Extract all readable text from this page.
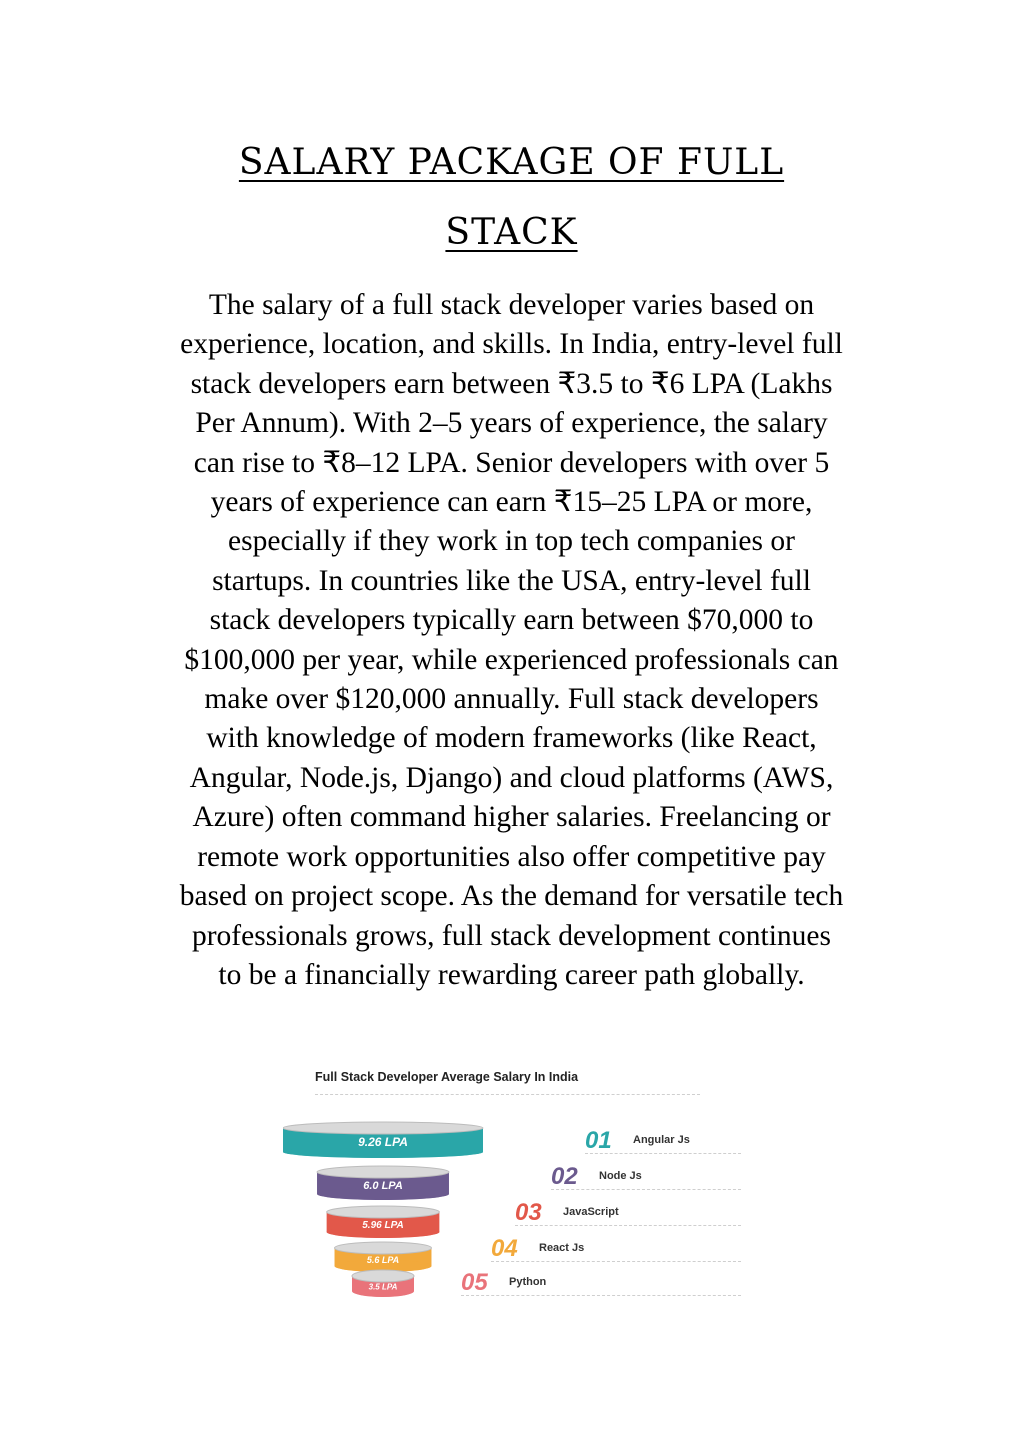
SALARY PACKAGE OF FULL
STACK
The salary of a full stack developer varies based on
experience, location, and skills. In India, entry-level full
stack developers earn between ₹3.5 to ₹6 LPA (Lakhs
Per Annum). With 2–5 years of experience, the salary
can rise to ₹8–12 LPA. Senior developers with over 5
years of experience can earn ₹15–25 LPA or more,
especially if they work in top tech companies or
startups. In countries like the USA, entry-level full
stack developers typically earn between $70,000 to
$100,000 per year, while experienced professionals can
make over $120,000 annually. Full stack developers
with knowledge of modern frameworks (like React,
Angular, Node.js, Django) and cloud platforms (AWS,
Azure) often command higher salaries. Freelancing or
remote work opportunities also offer competitive pay
based on project scope. As the demand for versatile tech
professionals grows, full stack development continues
to be a financially rewarding career path globally.
Full Stack Developer Average Salary In India
9.26 LPA
6.0 LPA
5.96 LPA
5.6 LPA
3.5 LPA
01 Angular Js
02 Node Js
03 JavaScript
04 React Js
05 Python
